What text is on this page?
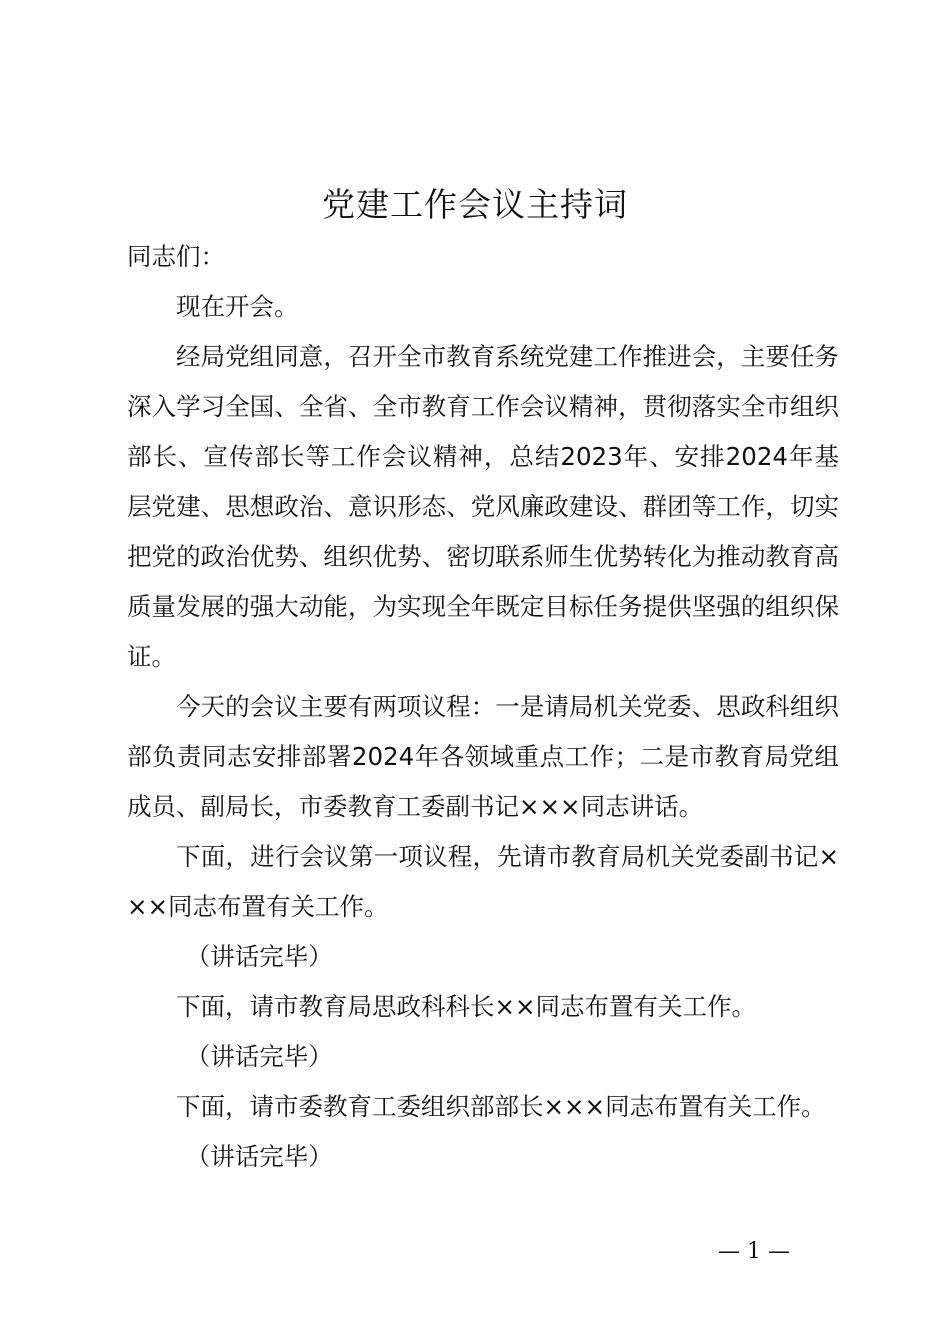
党建工作会议主持词

同志们：

现在开会。

经局党组同意，召开全市教育系统党建工作推进会，主要任务深入学习全国、全省、全市教育工作会议精神，贯彻落实全市组织部长、宣传部长等工作会议精神，总结2023年、安排2024年基层党建、思想政治、意识形态、党风廉政建设、群团等工作，切实把党的政治优势、组织优势、密切联系师生优势转化为推动教育高质量发展的强大动能，为实现全年既定目标任务提供坚强的组织保证。

今天的会议主要有两项议程：一是请局机关党委、思政科组织部负责同志安排部署2024年各领域重点工作；二是市教育局党组成员、副局长，市委教育工委副书记×××同志讲话。

下面，进行会议第一项议程，先请市教育局机关党委副书记×××同志布置有关工作。

（讲话完毕）

下面，请市教育局思政科科长××同志布置有关工作。

（讲话完毕）

下面，请市委教育工委组织部部长×××同志布置有关工作。

（讲话完毕）

— 1 —
